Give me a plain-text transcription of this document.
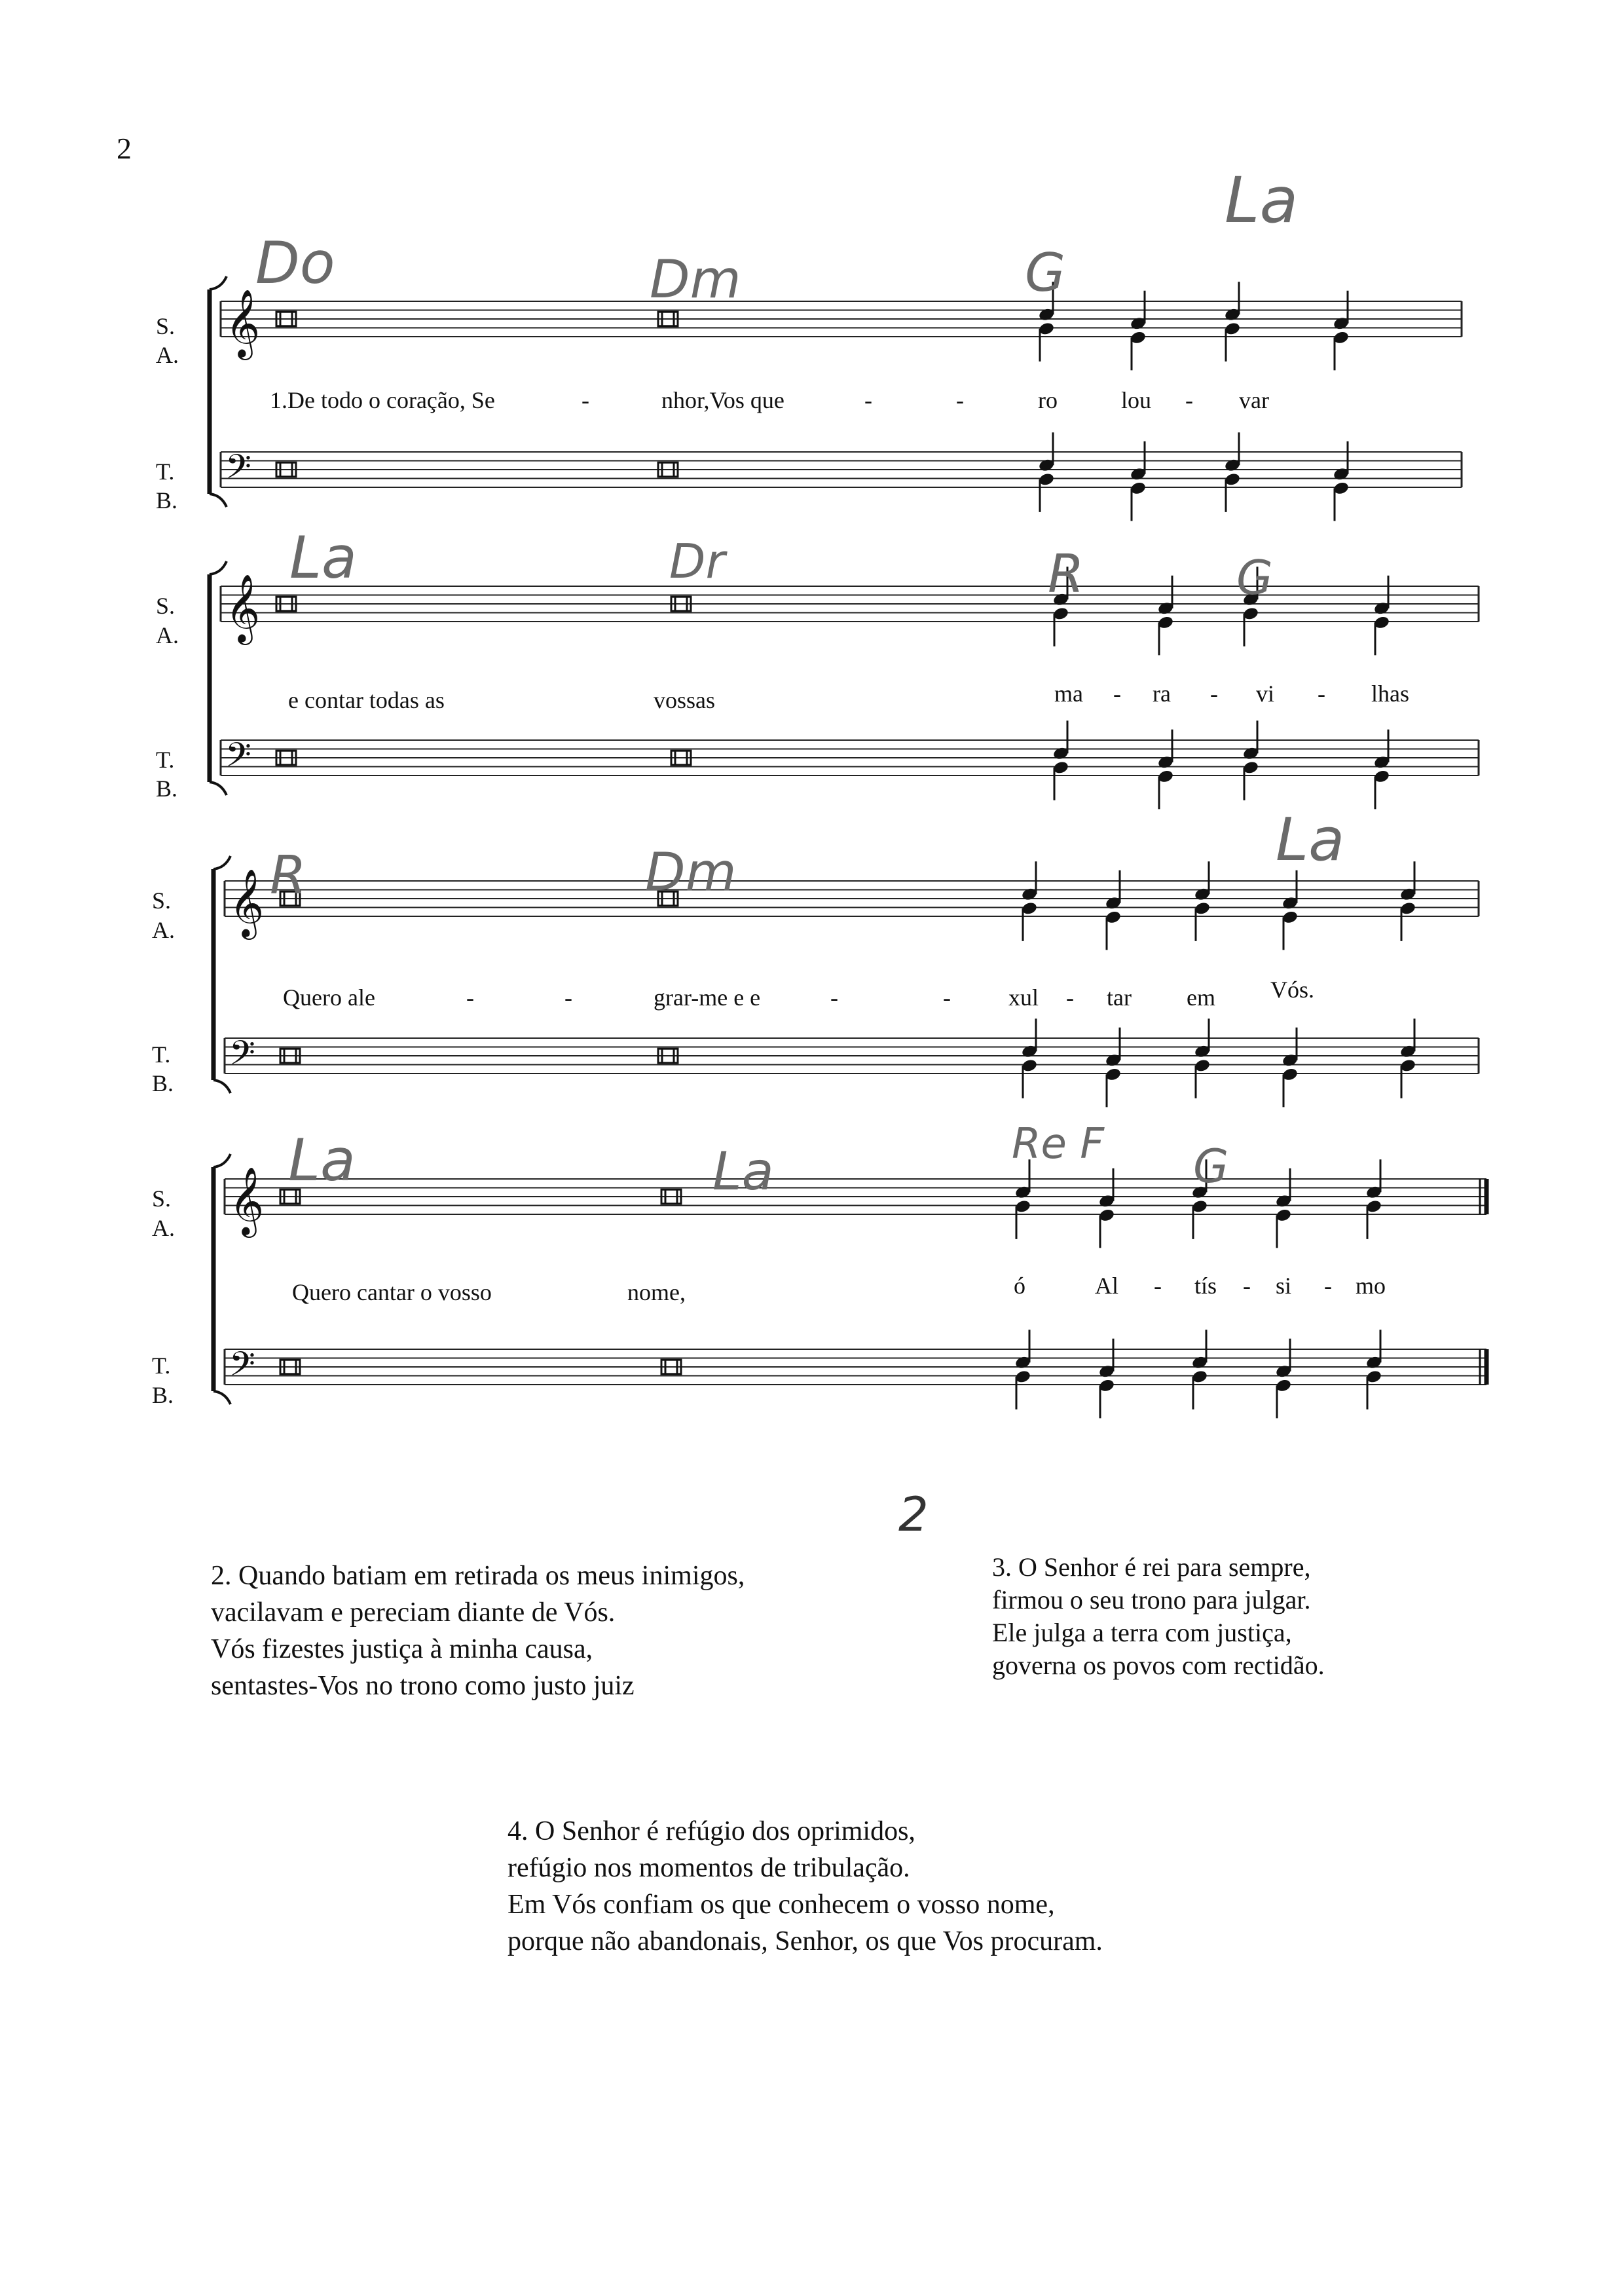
2
𝄞
𝄢
𝄞
𝄢
𝄞
𝄢
𝄞
𝄢
S.
A.
T.
B.
S.
A.
T.
B.
S.
A.
T.
B.
S.
A.
T.
B.
1.De todo o coração, Se	-	nhor,Vos que	-	-	ro	lou - var
e contar todas as	vossas	ma - ra - vi - lhas
Quero ale	-	-	grar-me e e	-	- xul - tar em Vós.
Quero cantar o vosso	nome,	ó	Al - tís - si - mo
Do	Dm	G
La
La	Dr	R	G
R	Dm	La
La	La	Re F G
2
2. Quando batiam em retirada os meus inimigos,
vacilavam e pereciam diante de Vós.
Vós fizestes justiça à minha causa,
sentastes-Vos no trono como justo juiz
3. O Senhor é rei para sempre,
firmou o seu trono para julgar.
Ele julga a terra com justiça,
governa os povos com rectidão.
4. O Senhor é refúgio dos oprimidos,
refúgio nos momentos de tribulação.
Em Vós confiam os que conhecem o vosso nome,
porque não abandonais, Senhor, os que Vos procuram.
